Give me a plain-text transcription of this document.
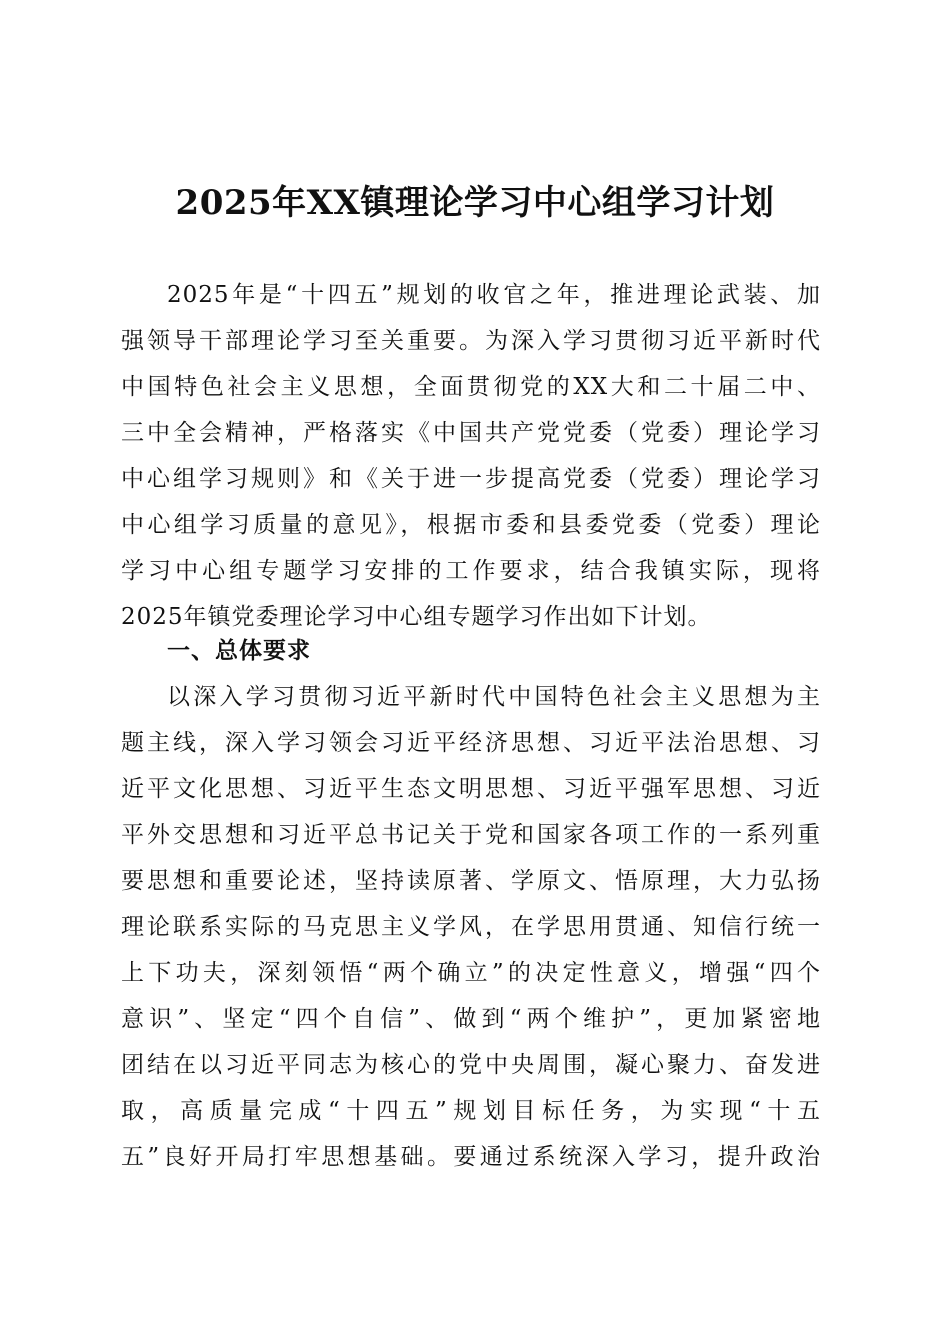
2025年XX镇理论学习中心组学习计划

2025年是“十四五”规划的收官之年，推进理论武装、加
强领导干部理论学习至关重要。为深入学习贯彻习近平新时代
中国特色社会主义思想，全面贯彻党的XX大和二十届二中、
三中全会精神，严格落实《中国共产党党委（党委）理论学习
中心组学习规则》和《关于进一步提高党委（党委）理论学习
中心组学习质量的意见》，根据市委和县委党委（党委）理论
学习中心组专题学习安排的工作要求，结合我镇实际，现将
2025年镇党委理论学习中心组专题学习作出如下计划。

一、总体要求

以深入学习贯彻习近平新时代中国特色社会主义思想为主
题主线，深入学习领会习近平经济思想、习近平法治思想、习
近平文化思想、习近平生态文明思想、习近平强军思想、习近
平外交思想和习近平总书记关于党和国家各项工作的一系列重
要思想和重要论述，坚持读原著、学原文、悟原理，大力弘扬
理论联系实际的马克思主义学风，在学思用贯通、知信行统一
上下功夫，深刻领悟“两个确立”的决定性意义，增强“四个
意识”、坚定“四个自信”、做到“两个维护”，更加紧密地
团结在以习近平同志为核心的党中央周围，凝心聚力、奋发进
取，高质量完成“十四五”规划目标任务，为实现“十五
五”良好开局打牢思想基础。要通过系统深入学习，提升政治
